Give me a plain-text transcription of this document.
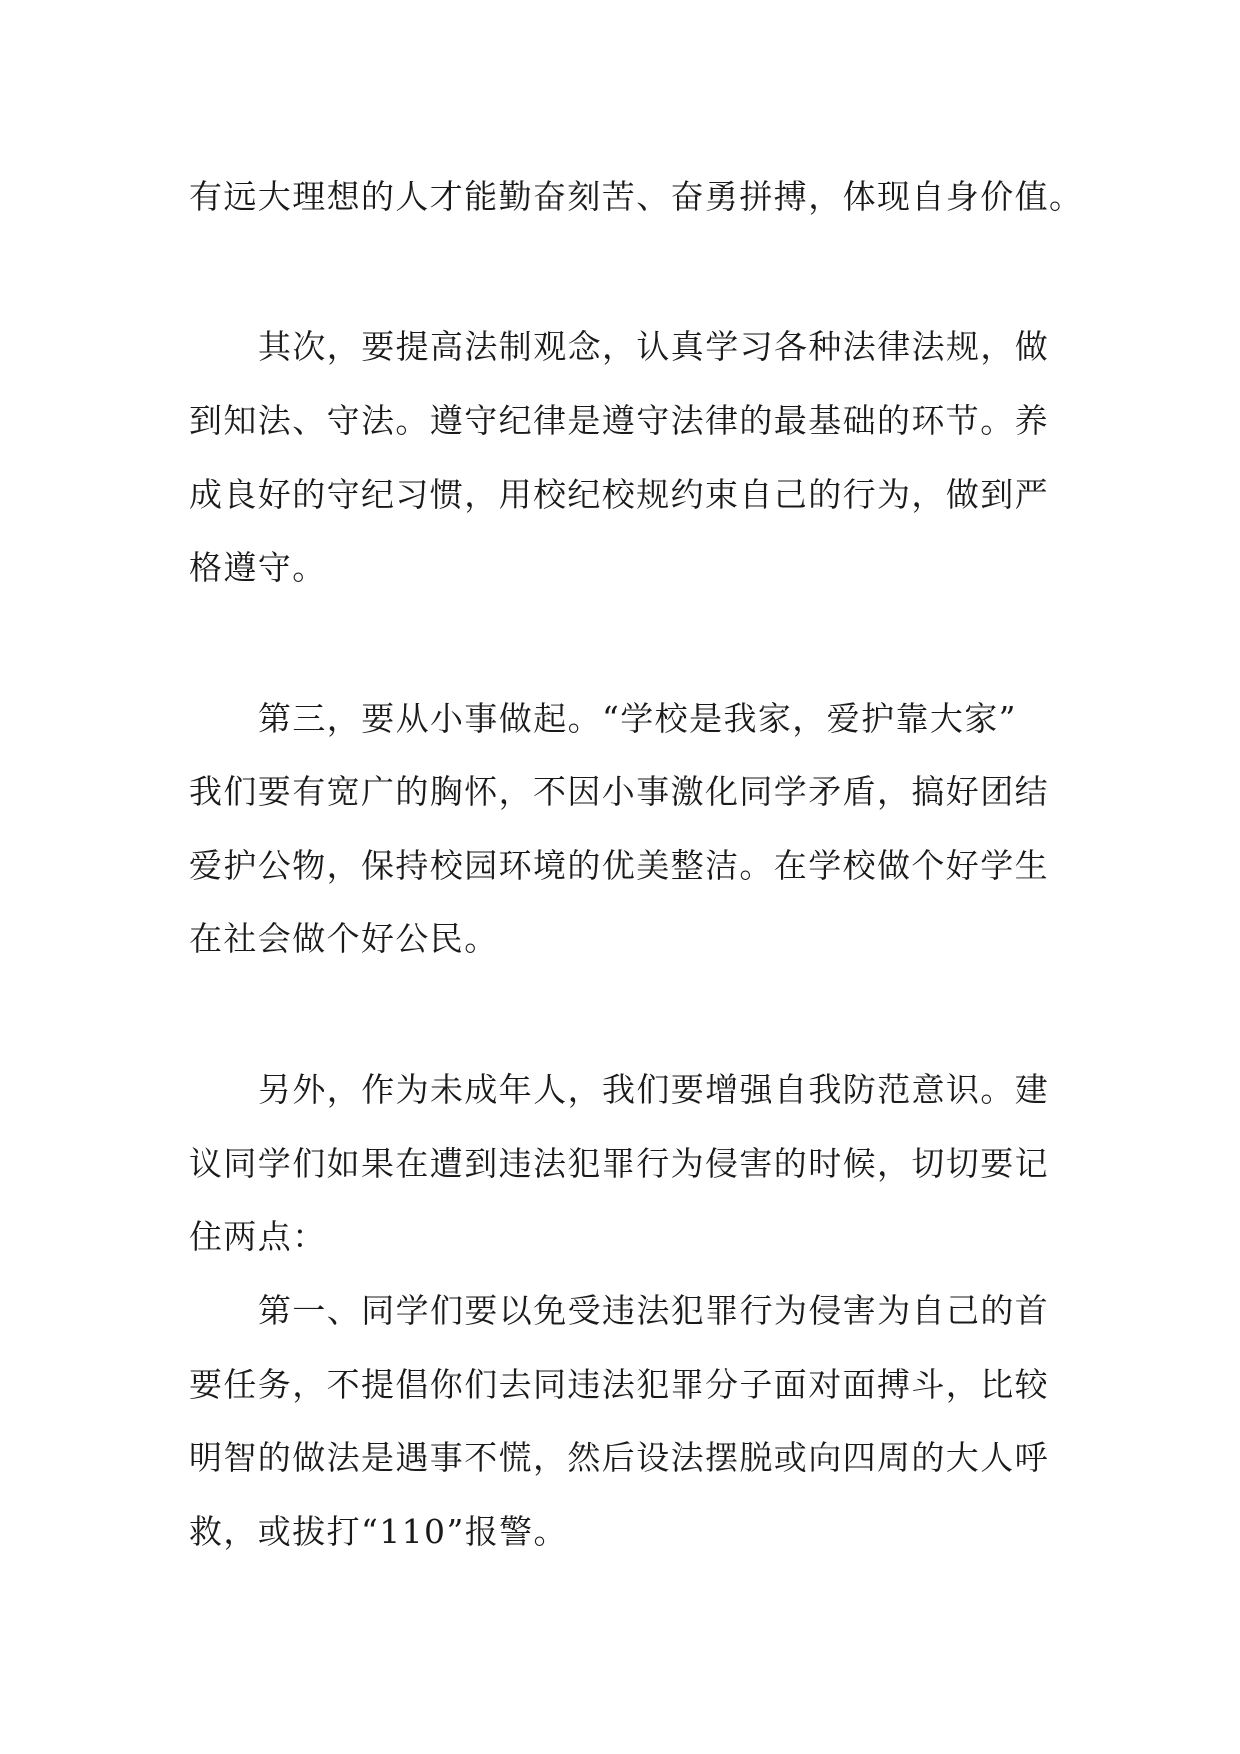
有远大理想的人才能勤奋刻苦、奋勇拼搏，体现自身价值。

其次，要提高法制观念，认真学习各种法律法规，做

到知法、守法。遵守纪律是遵守法律的最基础的环节。养

成良好的守纪习惯，用校纪校规约束自己的行为，做到严

格遵守。

第三，要从小事做起。“学校是我家，爱护靠大家”

我们要有宽广的胸怀，不因小事激化同学矛盾，搞好团结

爱护公物，保持校园环境的优美整洁。在学校做个好学生

在社会做个好公民。

另外，作为未成年人，我们要增强自我防范意识。建

议同学们如果在遭到违法犯罪行为侵害的时候，切切要记

住两点：

第一、同学们要以免受违法犯罪行为侵害为自己的首

要任务，不提倡你们去同违法犯罪分子面对面搏斗，比较

明智的做法是遇事不慌，然后设法摆脱或向四周的大人呼

救，或拔打“110”报警。
